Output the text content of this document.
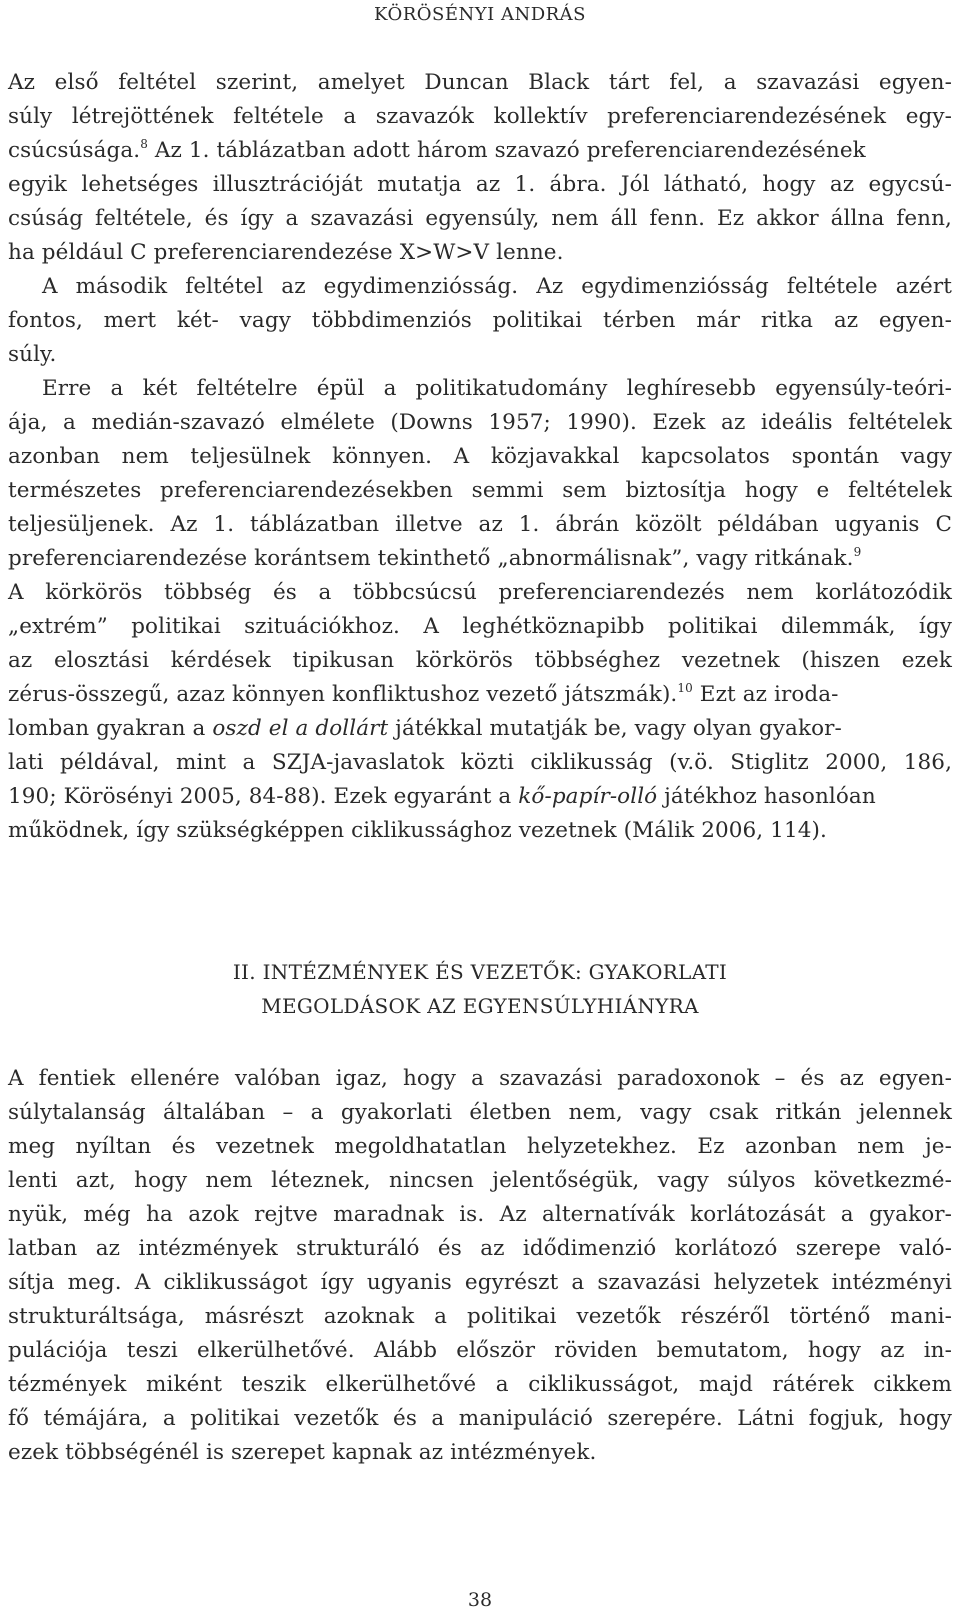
KÖRÖSÉNYI ANDRÁS
Az első feltétel szerint, amelyet Duncan Black tárt fel, a szavazási egyen-
súly létrejöttének feltétele a szavazók kollektív preferenciarendezésének egy-
csúcsúsága.$^8$ Az 1. táblázatban adott három szavazó preferenciarendezésének
egyik lehetséges illusztrációját mutatja az 1. ábra. Jól látható, hogy az egycsú-
csúság feltétele, és így a szavazási egyensúly, nem áll fenn. Ez akkor állna fenn,
ha például C preferenciarendezése X>W>V lenne.
A második feltétel az egydimenziósság. Az egydimenziósság feltétele azért
fontos, mert két- vagy többdimenziós politikai térben már ritka az egyen-
súly.
Erre a két feltételre épül a politikatudomány leghíresebb egyensúly-teóri-
ája, a medián-szavazó elmélete (Downs 1957; 1990). Ezek az ideális feltételek
azonban nem teljesülnek könnyen. A közjavakkal kapcsolatos spontán vagy
természetes preferenciarendezésekben semmi sem biztosítja hogy e feltételek
teljesüljenek. Az 1. táblázatban illetve az 1. ábrán közölt példában ugyanis C
preferenciarendezése korántsem tekinthető „abnormálisnak”, vagy ritkának.$^9$
A körkörös többség és a többcsúcsú preferenciarendezés nem korlátozódik
„extrém” politikai szituációkhoz. A leghétköznapibb politikai dilemmák, így
az elosztási kérdések tipikusan körkörös többséghez vezetnek (hiszen ezek
zérus-összegű, azaz könnyen konfliktushoz vezető játszmák).$^{10}$ Ezt az iroda-
lomban gyakran a oszd el a dollárt játékkal mutatják be, vagy olyan gyakor-
lati példával, mint a SZJA-javaslatok közti ciklikusság (v.ö. Stiglitz 2000, 186,
190; Körösényi 2005, 84-88). Ezek egyaránt a kő-papír-olló játékhoz hasonlóan
működnek, így szükségképpen ciklikussághoz vezetnek (Málik 2006, 114).
II. INTÉZMÉNYEK ÉS VEZETŐK: GYAKORLATI
MEGOLDÁSOK AZ EGYENSÚLYHIÁNYRA
A fentiek ellenére valóban igaz, hogy a szavazási paradoxonok – és az egyen-
súlytalanság általában – a gyakorlati életben nem, vagy csak ritkán jelennek
meg nyíltan és vezetnek megoldhatatlan helyzetekhez. Ez azonban nem je-
lenti azt, hogy nem léteznek, nincsen jelentőségük, vagy súlyos következmé-
nyük, még ha azok rejtve maradnak is. Az alternatívák korlátozását a gyakor-
latban az intézmények strukturáló és az idődimenzió korlátozó szerepe való-
sítja meg. A ciklikusságot így ugyanis egyrészt a szavazási helyzetek intézményi
strukturáltsága, másrészt azoknak a politikai vezetők részéről történő mani-
pulációja teszi elkerülhetővé. Alább először röviden bemutatom, hogy az in-
tézmények miként teszik elkerülhetővé a ciklikusságot, majd rátérek cikkem
fő témájára, a politikai vezetők és a manipuláció szerepére. Látni fogjuk, hogy
ezek többségénél is szerepet kapnak az intézmények.
38
